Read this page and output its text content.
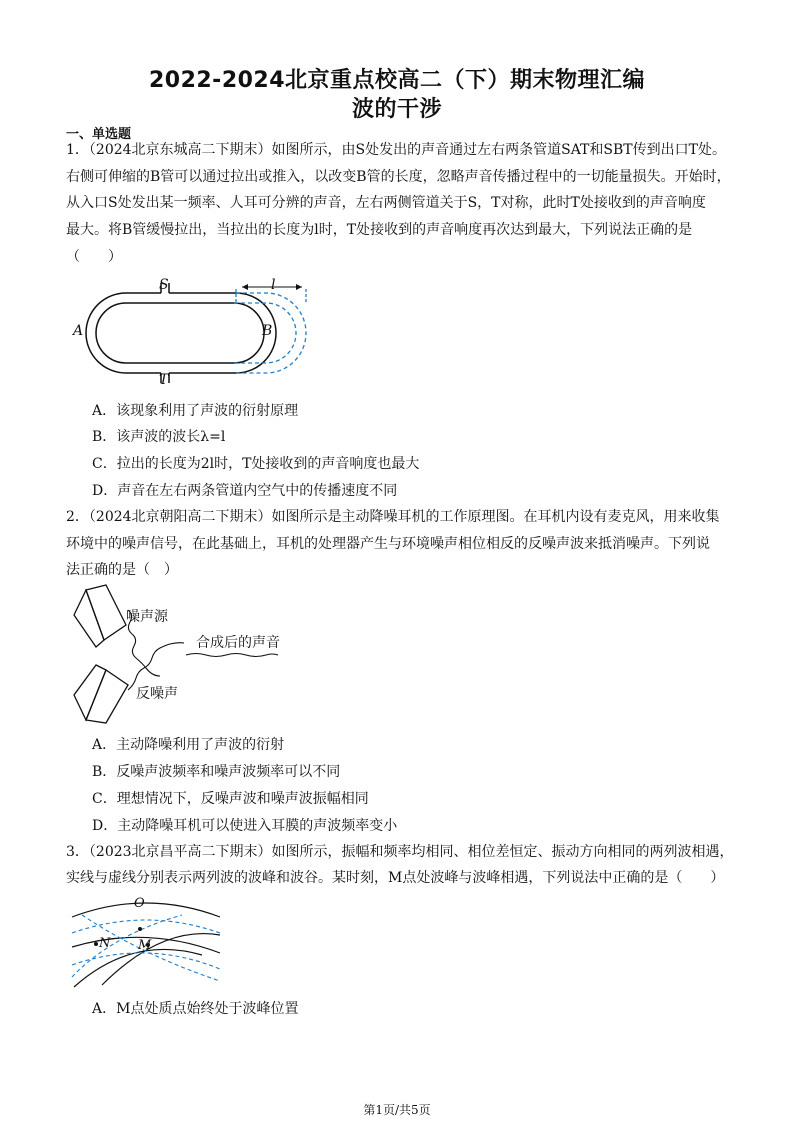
2022-2024北京重点校高二（下）期末物理汇编
波的干涉
一、单选题
1．（2024北京东城高二下期末）如图所示，由S处发出的声音通过左右两条管道SAT和SBT传到出口T处。
右侧可伸缩的B管可以通过拉出或推入，以改变B管的长度，忽略声音传播过程中的一切能量损失。开始时，
从入口S处发出某一频率、人耳可分辨的声音，左右两侧管道关于S，T对称，此时T处接收到的声音响度
最大。将B管缓慢拉出，当拉出的长度为l时，T处接收到的声音响度再次达到最大，下列说法正确的是
（　　）
S
T
A	B
l
A．该现象利用了声波的衍射原理
B．该声波的波长λ=l
C．拉出的长度为2l时，T处接收到的声音响度也最大
D．声音在左右两条管道内空气中的传播速度不同
2．（2024北京朝阳高二下期末）如图所示是主动降噪耳机的工作原理图。在耳机内设有麦克风，用来收集
环境中的噪声信号，在此基础上，耳机的处理器产生与环境噪声相位相反的反噪声波来抵消噪声。下列说
法正确的是（　）
噪声源
合成后的声音
反噪声
A．主动降噪利用了声波的衍射
B．反噪声波频率和噪声波频率可以不同
C．理想情况下，反噪声波和噪声波振幅相同
D．主动降噪耳机可以使进入耳膜的声波频率变小
3．（2023北京昌平高二下期末）如图所示，振幅和频率均相同、相位差恒定、振动方向相同的两列波相遇，
实线与虚线分别表示两列波的波峰和波谷。某时刻，M点处波峰与波峰相遇，下列说法中正确的是（　　）
O
N M
A．M点处质点始终处于波峰位置
第1页/共5页
